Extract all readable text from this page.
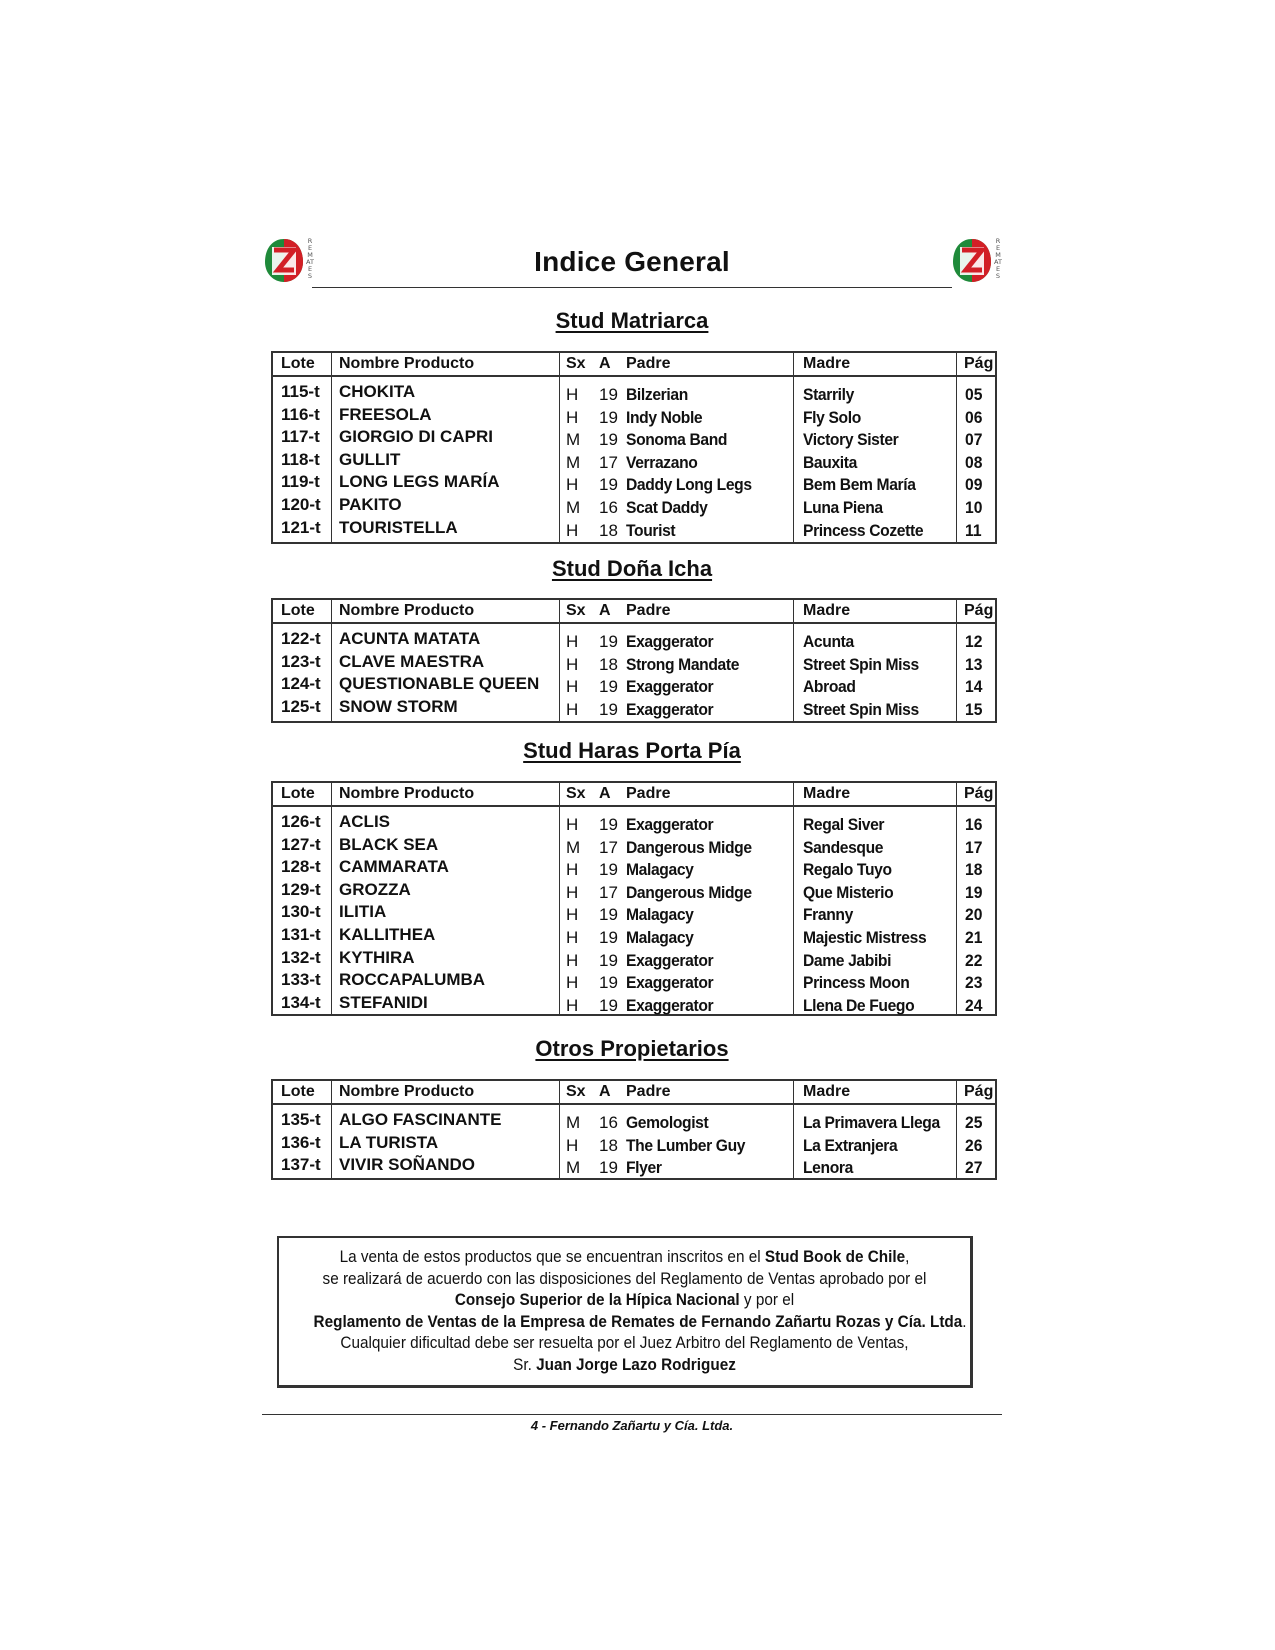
REMATES	Indice General
REMATES
Stud Matriarca
Lote Nombre Producto	Sx A Padre	Madre	Pág
115-t CHOKITA	H 19 Bilzerian	Starrily	05
116-t FREESOLA	H 19 Indy Noble	Fly Solo	06
117-t GIORGIO DI CAPRI	M 19 Sonoma Band	Victory Sister	07
118-t GULLIT	M 17 Verrazano	Bauxita	08
119-t LONG LEGS MARÍA	H 19 Daddy Long Legs	Bem Bem María	09
120-t PAKITO	M 16 Scat Daddy	Luna Piena	10
121-t TOURISTELLA	H 18 Tourist	Princess Cozette 11
Stud Doña Icha
Lote Nombre Producto	Sx A Padre	Madre	Pág
122-t ACUNTA MATATA	H 19 Exaggerator	Acunta	12
123-t CLAVE MAESTRA	H 18 Strong Mandate	Street Spin Miss	13
124-t QUESTIONABLE QUEEN H 19 Exaggerator	Abroad	14
125-t SNOW STORM	H 19 Exaggerator	Street Spin Miss	15
Stud Haras Porta Pía
Lote Nombre Producto	Sx A Padre	Madre	Pág
126-t ACLIS	H 19 Exaggerator	Regal Siver	16
127-t BLACK SEA	M 17 Dangerous Midge	Sandesque	17
128-t CAMMARATA	H 19 Malagacy	Regalo Tuyo	18
129-t GROZZA	H 17 Dangerous Midge	Que Misterio	19
130-t ILITIA	H 19 Malagacy	Franny	20
131-t KALLITHEA	H 19 Malagacy	Majestic Mistress 21
132-t KYTHIRA	H 19 Exaggerator	Dame Jabibi	22
133-t ROCCAPALUMBA	H 19 Exaggerator	Princess Moon	23
134-t STEFANIDI	H 19 Exaggerator	Llena De Fuego	24
Otros Propietarios
Lote Nombre Producto	Sx A Padre	Madre	Pág
135-t ALGO FASCINANTE	M 16 Gemologist	La Primavera Llega 25
136-t LA TURISTA	H 18 The Lumber Guy	La Extranjera	26
137-t VIVIR SOÑANDO	M 19 Flyer	Lenora	27
La venta de estos productos que se encuentran inscritos en el Stud Book de Chile,
se realizará de acuerdo con las disposiciones del Reglamento de Ventas aprobado por el
Consejo Superior de la Hípica Nacional y por el
Reglamento de Ventas de la Empresa de Remates de Fernando Zañartu Rozas y Cía. Ltda.
Cualquier dificultad debe ser resuelta por el Juez Arbitro del Reglamento de Ventas,
Sr. Juan Jorge Lazo Rodriguez
4 - Fernando Zañartu y Cía. Ltda.
